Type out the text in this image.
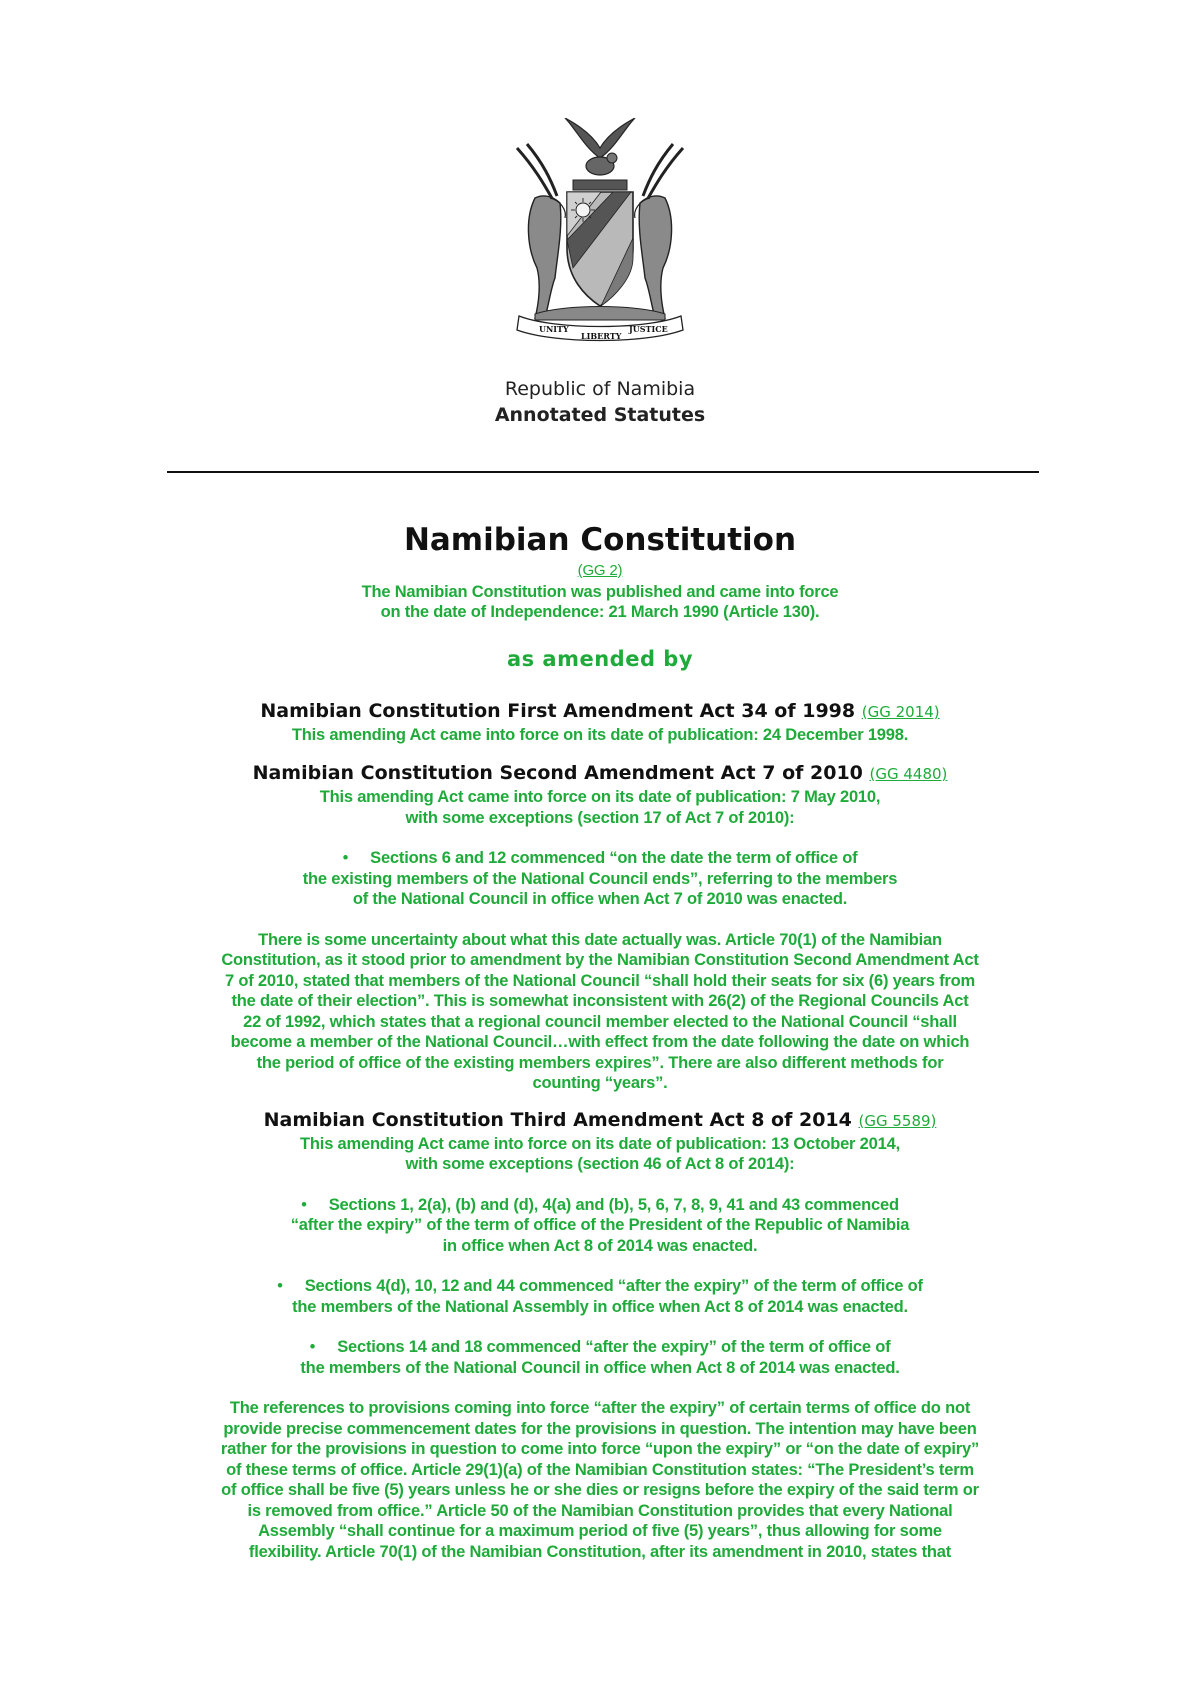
UNITY
LIBERTY
JUSTICE
Republic of Namibia
Annotated Statutes
Namibian Constitution

(GG 2)

The Namibian Constitution was published and came into force

on the date of Independence: 21 March 1990 (Article 130).

as amended by

Namibian Constitution First Amendment Act 34 of 1998 (GG 2014)

This amending Act came into force on its date of publication: 24 December 1998.

Namibian Constitution Second Amendment Act 7 of 2010 (GG 4480)

This amending Act came into force on its date of publication: 7 May 2010,

with some exceptions (section 17 of Act 7 of 2010):

• Sections 6 and 12 commenced “on the date the term of office of

the existing members of the National Council ends”, referring to the members

of the National Council in office when Act 7 of 2010 was enacted.

There is some uncertainty about what this date actually was. Article 70(1) of the Namibian

Constitution, as it stood prior to amendment by the Namibian Constitution Second Amendment Act

7 of 2010, stated that members of the National Council “shall hold their seats for six (6) years from

the date of their election”. This is somewhat inconsistent with 26(2) of the Regional Councils Act

22 of 1992, which states that a regional council member elected to the National Council “shall

become a member of the National Council…with effect from the date following the date on which

the period of office of the existing members expires”. There are also different methods for

counting “years”.

Namibian Constitution Third Amendment Act 8 of 2014 (GG 5589)

This amending Act came into force on its date of publication: 13 October 2014,

with some exceptions (section 46 of Act 8 of 2014):

• Sections 1, 2(a), (b) and (d), 4(a) and (b), 5, 6, 7, 8, 9, 41 and 43 commenced

“after the expiry” of the term of office of the President of the Republic of Namibia

in office when Act 8 of 2014 was enacted.

• Sections 4(d), 10, 12 and 44 commenced “after the expiry” of the term of office of

the members of the National Assembly in office when Act 8 of 2014 was enacted.

• Sections 14 and 18 commenced “after the expiry” of the term of office of

the members of the National Council in office when Act 8 of 2014 was enacted.

The references to provisions coming into force “after the expiry” of certain terms of office do not

provide precise commencement dates for the provisions in question. The intention may have been

rather for the provisions in question to come into force “upon the expiry” or “on the date of expiry”

of these terms of office. Article 29(1)(a) of the Namibian Constitution states: “The President’s term

of office shall be five (5) years unless he or she dies or resigns before the expiry of the said term or

is removed from office.” Article 50 of the Namibian Constitution provides that every National

Assembly “shall continue for a maximum period of five (5) years”, thus allowing for some

flexibility. Article 70(1) of the Namibian Constitution, after its amendment in 2010, states that
